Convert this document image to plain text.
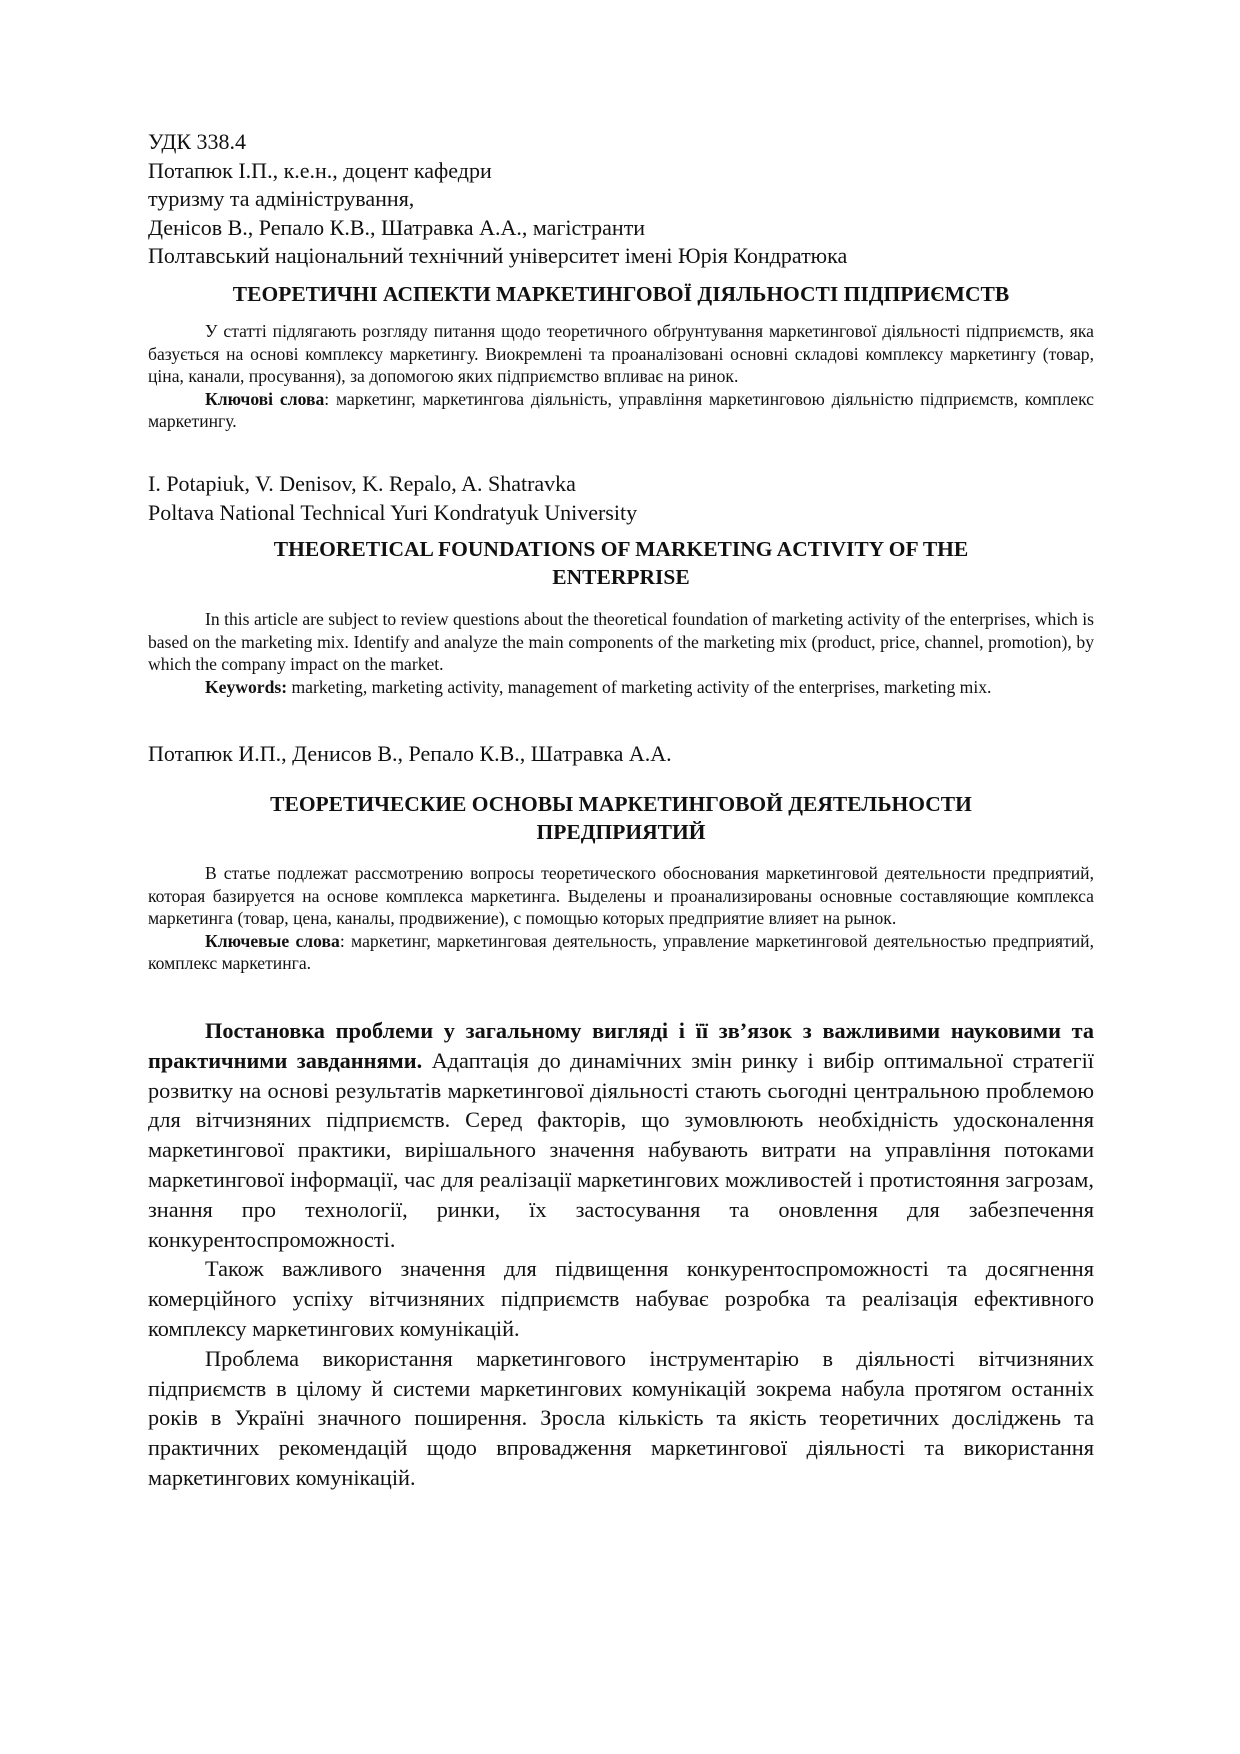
УДК 338.4
Потапюк І.П., к.е.н., доцент кафедри
туризму та адміністрування,
Денісов В., Репало К.В., Шатравка А.А., магістранти
Полтавський національний технічний університет імені Юрія Кондратюка
ТЕОРЕТИЧНІ АСПЕКТИ МАРКЕТИНГОВОЇ ДІЯЛЬНОСТІ ПІДПРИЄМСТВ

У статті підлягають розгляду питання щодо теоретичного обґрунтування маркетингової діяльності підприємств, яка базується на основі комплексу маркетингу. Виокремлені та проаналізовані основні складові комплексу маркетингу (товар, ціна, канали, просування), за допомогою яких підприємство впливає на ринок.

Ключові слова: маркетинг, маркетингова діяльність, управління маркетинговою діяльністю підприємств, комплекс маркетингу.

I. Potapiuk, V. Denisov, K. Repalo, A. Shatravka
Poltava National Technical Yuri Kondratyuk University
THEORETICAL FOUNDATIONS OF MARKETING ACTIVITY OF THE
ENTERPRISE

In this article are subject to review questions about the theoretical foundation of marketing activity of the enterprises, which is based on the marketing mix. Identify and analyze the main components of the marketing mix (product, price, channel, promotion), by which the company impact on the market.

Keywords: marketing, marketing activity, management of marketing activity of the enterprises, marketing mix.

Потапюк И.П., Денисов В., Репало К.В., Шатравка А.А.
ТЕОРЕТИЧЕСКИЕ ОСНОВЫ МАРКЕТИНГОВОЙ ДЕЯТЕЛЬНОСТИ
ПРЕДПРИЯТИЙ

В статье подлежат рассмотрению вопросы теоретического обоснования маркетинговой деятельности предприятий, которая базируется на основе комплекса маркетинга. Выделены и проанализированы основные составляющие комплекса маркетинга (товар, цена, каналы, продвижение), с помощью которых предприятие влияет на рынок.

Ключевые слова: маркетинг, маркетинговая деятельность, управление маркетинговой деятельностью предприятий, комплекс маркетинга.

Постановка проблеми у загальному вигляді і її зв’язок з важливими науковими та практичними завданнями. Адаптація до динамічних змін ринку і вибір оптимальної стратегії розвитку на основі результатів маркетингової діяльності стають сьогодні центральною проблемою для вітчизняних підприємств. Серед факторів, що зумовлюють необхідність удосконалення маркетингової практики, вирішального значення набувають витрати на управління потоками маркетингової інформації, час для реалізації маркетингових можливостей і протистояння загрозам, знання про технології, ринки, їх застосування та оновлення для забезпечення конкурентоспроможності.

Також важливого значення для підвищення конкурентоспроможності та досягнення комерційного успіху вітчизняних підприємств набуває розробка та реалізація ефективного комплексу маркетингових комунікацій.

Проблема використання маркетингового інструментарію в діяльності вітчизняних підприємств в цілому й системи маркетингових комунікацій зокрема набула протягом останніх років в Україні значного поширення. Зросла кількість та якість теоретичних досліджень та практичних рекомендацій щодо впровадження маркетингової діяльності та використання маркетингових комунікацій.
